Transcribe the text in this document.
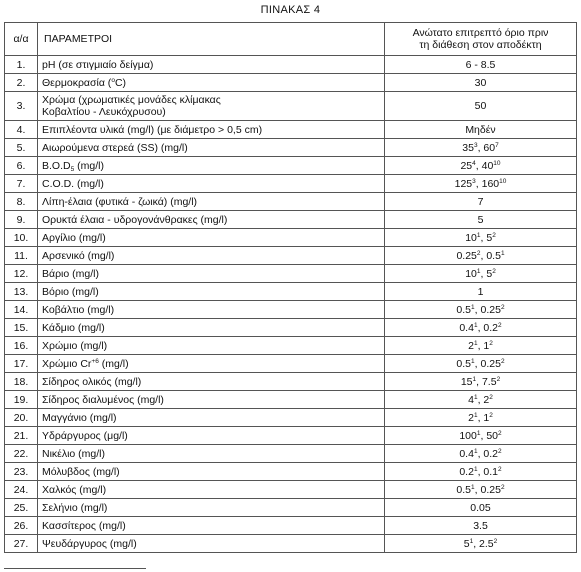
ΠΙΝΑΚΑΣ 4
α/α	ΠΑΡΑΜΕΤΡΟΙ	Ανώτατο επιτρεπτό όριο πριν
τη διάθεση στον αποδέκτη

1.	pH (σε στιγμιαίο δείγμα)	6 - 8.5
2.	Θερμοκρασία ($^o$C)	30
3.	Χρώμα (χρωματικές μονάδες κλίμακας
Κοβαλτίου - Λευκόχρυσου)	50
4.	Επιπλέοντα υλικά (mg/l) (με διάμετρο > 0,5 cm)	Μηδέν
5.	Αιωρούμενα στερεά (SS) (mg/l)	$35^3$, $60^7$
6.	$B.O.D_5$ (mg/l)	$25^4$, $40^{10}$
7.	C.O.D. (mg/l)	$125^3$, $160^{10}$
8.	Λίπη-έλαια (φυτικά - ζωικά) (mg/l)	7
9.	Ορυκτά έλαια - υδρογονάνθρακες (mg/l)	5
10.	Αργίλιο (mg/l)	$10^1$, $5^2$
11.	Αρσενικό (mg/l)	0.25$^2$, $0.5^1$
12.	Βάριο (mg/l)	$10^1$, $5^2$
13.	Βόριο (mg/l)	1
14.	Κοβάλτιο (mg/l)	$0.5^1$, 0.25$^2$
15.	Κάδμιο (mg/l)	$0.4^1$, $0.2^2$
16.	Χρώμιο (mg/l)	$2^1$, $1^2$
17.	Χρώμιο $Cr^{+6}$ (mg/l)	$0.5^1$, 0.25$^2$
18.	Σίδηρος ολικός (mg/l)	$15^1$, $7.5^2$
19.	Σίδηρος διαλυμένος (mg/l)	$4^1$, $2^2$
20.	Μαγγάνιο (mg/l)	$2^1$, $1^2$
21.	Υδράργυρος (μg/l)	$100^1$, $50^2$
22.	Νικέλιο (mg/l)	$0.4^1$, $0.2^2$
23.	Μόλυβδος (mg/l)	$0.2^1$, $0.1^2$
24.	Χαλκός (mg/l)	$0.5^1$, 0.25$^2$
25.	Σελήνιο (mg/l)	0.05
26.	Κασσίτερος (mg/l)	3.5
27.	Ψευδάργυρος (mg/l)	$5^1$, $2.5^2$
